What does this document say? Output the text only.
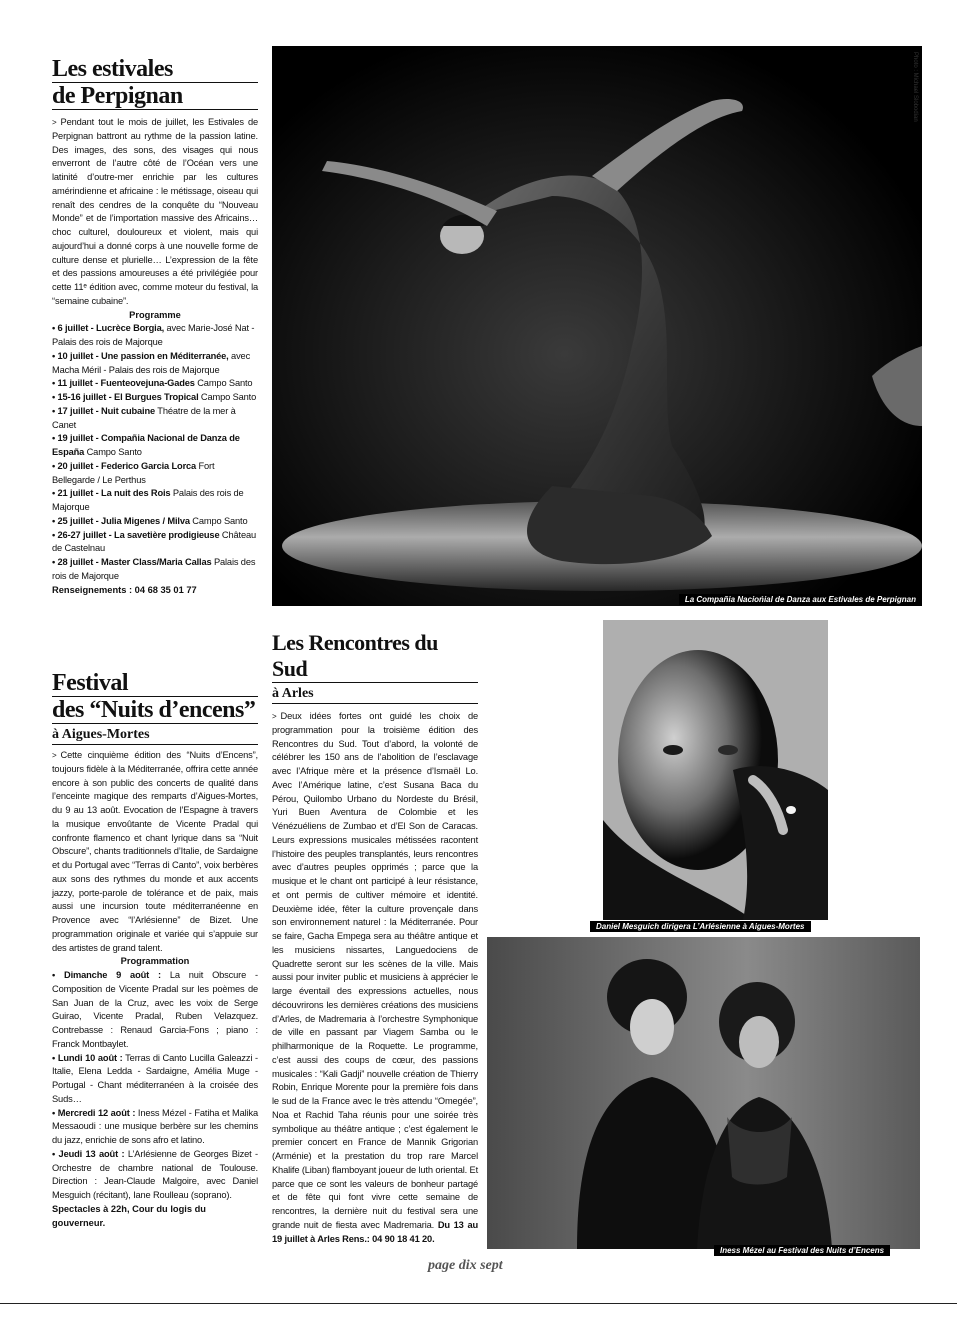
Les estivales
de Perpignan

> Pendant tout le mois de juillet, les Estivales de Perpignan battront au rythme de la passion latine. Des images, des sons, des visages qui nous enverront de l’autre côté de l’Océan vers une latinité d’outre-mer enrichie par les cultures amérindienne et africaine : le métissage, oiseau qui renaît des cendres de la conquête du “Nouveau Monde” et de l’importation massive des Africains… choc culturel, douloureux et violent, mais qui aujourd’hui a donné corps à une nouvelle forme de culture dense et plurielle… L’expression de la fête et des passions amoureuses a été privilégiée pour cette 11ᵉ édition avec, comme moteur du festival, la “semaine cubaine”.

Programme
• 6 juillet - Lucrèce Borgia, avec Marie-José Nat - Palais des rois de Majorque
• 10 juillet - Une passion en Méditerranée, avec Macha Méril - Palais des rois de Majorque
• 11 juillet - Fuenteovejuna-Gades Campo Santo
• 15-16 juillet - El Burgues Tropical Campo Santo
• 17 juillet - Nuit cubaine Théatre de la mer à Canet
• 19 juillet - Compañia Nacional de Danza de España Campo Santo
• 20 juillet - Federico Garcia Lorca Fort Bellegarde / Le Perthus
• 21 juillet - La nuit des Rois Palais des rois de Majorque
• 25 juillet - Julia Migenes / Milva Campo Santo
• 26-27 juillet - La savetière prodigieuse Château de Castelnau
• 28 juillet - Master Class/Maria Callas Palais des rois de Majorque
Renseignements : 04 68 35 01 77
Festival
des “Nuits d’encens”
à Aigues-Mortes

> Cette cinquième édition des “Nuits d’Encens”, toujours fidèle à la Méditerranée, offrira cette année encore à son public des concerts de qualité dans l’enceinte magique des remparts d’Aigues-Mortes, du 9 au 13 août. Evocation de l’Espagne à travers la musique envoûtante de Vicente Pradal qui confronte flamenco et chant lyrique dans sa “Nuit Obscure”, chants traditionnels d’Italie, de Sardaigne et du Portugal avec “Terras di Canto”, voix berbères aux sons des rythmes du monde et aux accents jazzy, porte-parole de tolérance et de paix, mais aussi une incursion toute méditerranéenne en Provence avec “l’Arlésienne” de Bizet. Une programmation originale et variée qui s’appuie sur des artistes de grand talent.

Programmation
• Dimanche 9 août : La nuit Obscure - Composition de Vicente Pradal sur les poèmes de San Juan de la Cruz, avec les voix de Serge Guirao, Vicente Pradal, Ruben Velazquez. Contrebasse : Renaud Garcia-Fons ; piano : Franck Montbaylet.
• Lundi 10 août : Terras di Canto Lucilla Galeazzi - Italie, Elena Ledda - Sardaigne, Amélia Muge - Portugal - Chant méditerranéen à la croisée des Suds…
• Mercredi 12 août : Iness Mézel - Fatiha et Malika Messaoudi : une musique berbère sur les chemins du jazz, enrichie de sons afro et latino.
• Jeudi 13 août : L’Arlésienne de Georges Bizet - Orchestre de chambre national de Toulouse. Direction : Jean-Claude Malgoire, avec Daniel Mesguich (récitant), Iane Roulleau (soprano).
Spectacles à 22h, Cour du logis du gouverneur.
Photo : Michael Slobodian
La Compañia Naciońial de Danza aux Estivales de Perpignan
Les Rencontres du Sud
à Arles

> Deux idées fortes ont guidé les choix de programmation pour la troisième édition des Rencontres du Sud. Tout d’abord, la volonté de célébrer les 150 ans de l’abolition de l’esclavage avec l’Afrique mère et la présence d’Ismaël Lo. Avec l’Amérique latine, c’est Susana Baca du Pérou, Quilombo Urbano du Nordeste du Brésil, Yuri Buen Aventura de Colombie et les Vénézuéliens de Zumbao et d’El Son de Caracas. Leurs expressions musicales métissées racontent l’histoire des peuples transplantés, leurs rencontres avec d’autres peuples opprimés ; parce que la musique et le chant ont participé à leur résistance, et ont permis de cultiver mémoire et identité. Deuxième idée, fêter la culture provençale dans son environnement naturel : la Méditerranée. Pour se faire, Gacha Empega sera au théâtre antique et les musiciens nissartes, Languedociens de Quadrette seront sur les scènes de la ville. Mais aussi pour inviter public et musiciens à apprécier le large éventail des expressions actuelles, nous découvrirons les dernières créations des musiciens d’Arles, de Madremaria à l’orchestre Symphonique de ville en passant par Viagem Samba ou le philharmonique de la Roquette. Le programme, c’est aussi des coups de cœur, des passions musicales : “Kali Gadji” nouvelle création de Thierry Robin, Enrique Morente pour la première fois dans le sud de la France avec le très attendu “Omegée”, Noa et Rachid Taha réunis pour une soirée très symbolique au théâtre antique ; c’est également le premier concert en France de Mannik Grigorian (Arménie) et la prestation du trop rare Marcel Khalife (Liban) flamboyant joueur de luth oriental. Et parce que ce sont les valeurs de bonheur partagé et de fête qui font vivre cette semaine de rencontres, la dernière nuit du festival sera une grande nuit de fiesta avec Madremaria. Du 13 au 19 juillet à Arles Rens.: 04 90 18 41 20.

Daniel Mesguich dirigera L’Arlésienne à Aigues-Mortes
Iness Mézel au Festival des Nuits d’Encens
page dix sept
